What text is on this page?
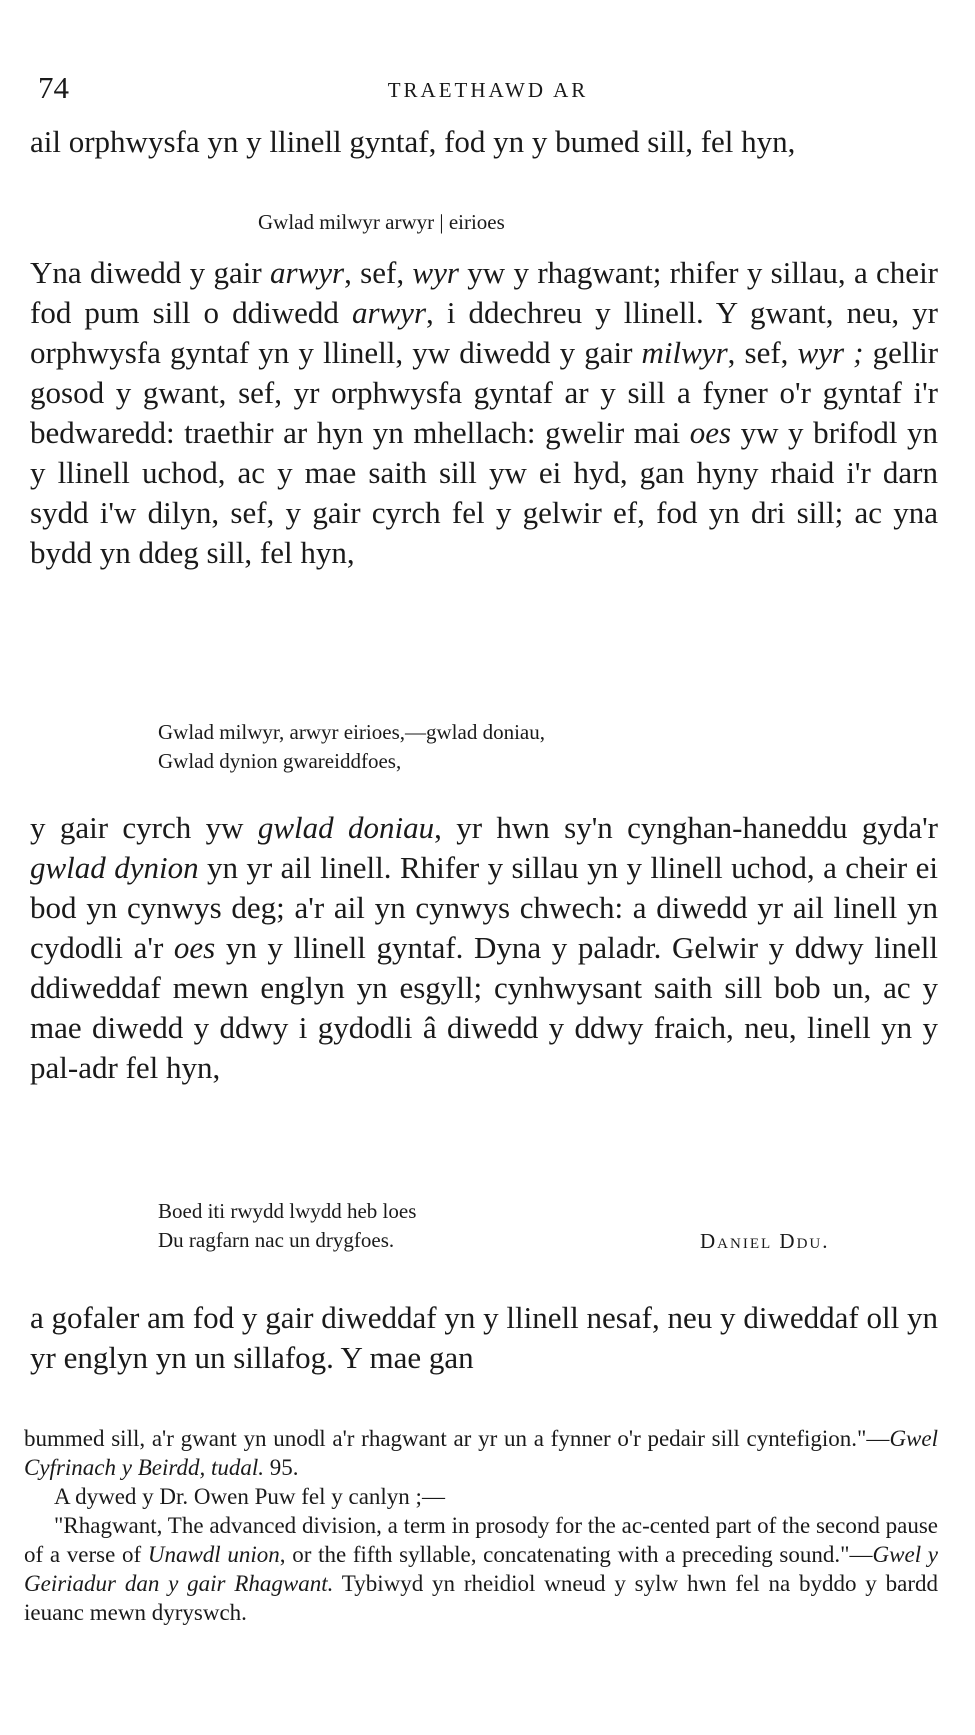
74	TRAETHAWD AR

ail orphwysfa yn y llinell gyntaf, fod yn y bumed sill, fel hyn,

Gwlad milwyr arwyr | eirioes

Yna diwedd y gair arwyr, sef, wyr yw y rhagwant; rhifer y sillau, a cheir fod pum sill o ddiwedd arwyr, i ddechreu y llinell. Y gwant, neu, yr orphwysfa gyntaf yn y llinell, yw diwedd y gair milwyr, sef, wyr ; gellir gosod y gwant, sef, yr orphwysfa gyntaf ar y sill a fyner o'r gyntaf i'r bedwaredd: traethir ar hyn yn mhellach: gwelir mai oes yw y brifodl yn y llinell uchod, ac y mae saith sill yw ei hyd, gan hyny rhaid i'r darn sydd i'w dilyn, sef, y gair cyrch fel y gelwir ef, fod yn dri sill; ac yna bydd yn ddeg sill, fel hyn,

Gwlad milwyr, arwyr eirioes,—gwlad doniau,
Gwlad dynion gwareiddfoes,

y gair cyrch yw gwlad doniau, yr hwn sy'n cynghan-haneddu gyda'r gwlad dynion yn yr ail linell. Rhifer y sillau yn y llinell uchod, a cheir ei bod yn cynwys deg; a'r ail yn cynwys chwech: a diwedd yr ail linell yn cydodli a'r oes yn y llinell gyntaf. Dyna y paladr. Gelwir y ddwy linell ddiweddaf mewn englyn yn esgyll; cynhwysant saith sill bob un, ac y mae diwedd y ddwy i gydodli â diwedd y ddwy fraich, neu, linell yn y pal-adr fel hyn,

Boed iti rwydd lwydd heb loes
Du ragfarn nac un drygfoes.	Daniel Ddu.

a gofaler am fod y gair diweddaf yn y llinell nesaf, neu y diweddaf oll yn yr englyn yn un sillafog. Y mae gan

bummed sill, a'r gwant yn unodl a'r rhagwant ar yr un a fynner o'r pedair sill cyntefigion."—Gwel Cyfrinach y Beirdd, tudal. 95.

A dywed y Dr. Owen Puw fel y canlyn ;—

"Rhagwant, The advanced division, a term in prosody for the ac-cented part of the second pause of a verse of Unawdl union, or the fifth syllable, concatenating with a preceding sound."—Gwel y Geiriadur dan y gair Rhagwant. Tybiwyd yn rheidiol wneud y sylw hwn fel na byddo y bardd ieuanc mewn dyryswch.
